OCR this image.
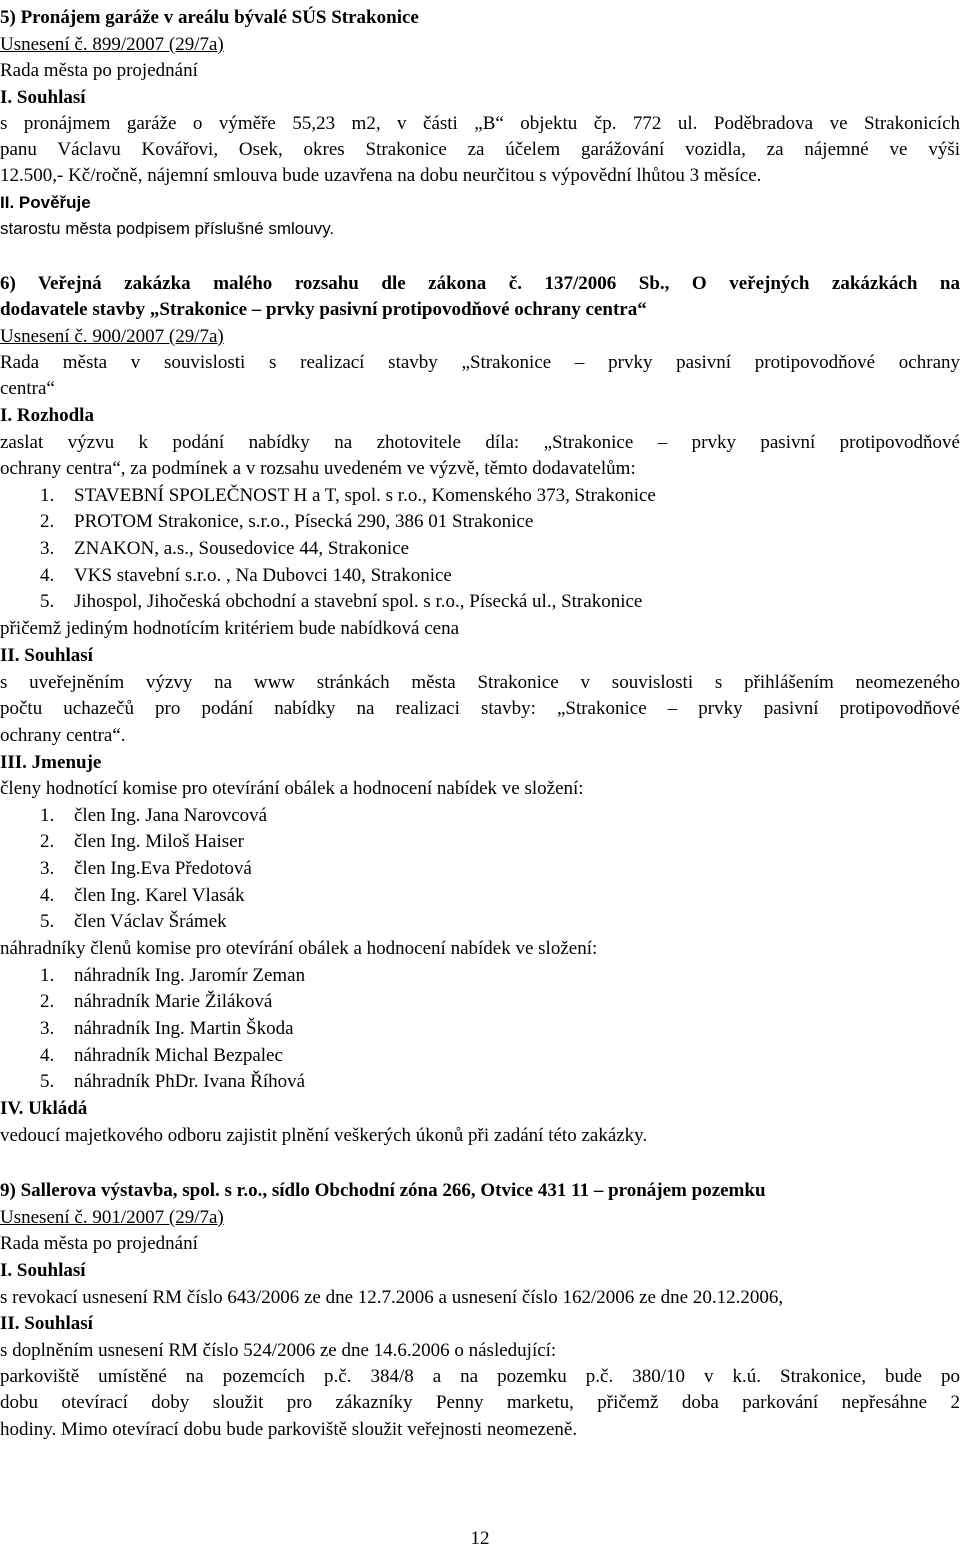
5) Pronájem garáže v areálu bývalé SÚS Strakonice
Usnesení č. 899/2007 (29/7a)
Rada města po projednání
I. Souhlasí
s pronájmem garáže o výměře 55,23 m2, v části „B“ objektu čp. 772 ul. Poděbradova ve Strakonicích
panu Václavu Kovářovi, Osek, okres Strakonice za účelem garážování vozidla, za nájemné ve výši
12.500,- Kč/ročně, nájemní smlouva bude uzavřena na dobu neurčitou s výpovědní lhůtou 3 měsíce.
II. Pověřuje
starostu města podpisem příslušné smlouvy.
6) Veřejná zakázka malého rozsahu dle zákona č. 137/2006 Sb., O veřejných zakázkách na
dodavatele stavby „Strakonice – prvky pasivní protipovodňové ochrany centra“
Usnesení č. 900/2007 (29/7a)
Rada města v souvislosti s realizací stavby „Strakonice – prvky pasivní protipovodňové ochrany
centra“
I. Rozhodla
zaslat výzvu k podání nabídky na zhotovitele díla: „Strakonice – prvky pasivní protipovodňové
ochrany centra“, za podmínek a v rozsahu uvedeném ve výzvě, těmto dodavatelům:
1. STAVEBNÍ SPOLEČNOST H a T, spol. s r.o., Komenského 373, Strakonice
2. PROTOM Strakonice, s.r.o., Písecká 290, 386 01 Strakonice
3. ZNAKON, a.s., Sousedovice 44, Strakonice
4. VKS stavební s.r.o. , Na Dubovci 140, Strakonice
5. Jihospol, Jihočeská obchodní a stavební spol. s r.o., Písecká ul., Strakonice
přičemž jediným hodnotícím kritériem bude nabídková cena
II. Souhlasí
s uveřejněním výzvy na www stránkách města Strakonice v souvislosti s přihlášením neomezeného
počtu uchazečů pro podání nabídky na realizaci stavby: „Strakonice – prvky pasivní protipovodňové
ochrany centra“.
III. Jmenuje
členy hodnotící komise pro otevírání obálek a hodnocení nabídek ve složení:
1. člen Ing. Jana Narovcová
2. člen Ing. Miloš Haiser
3. člen Ing.Eva Předotová
4. člen Ing. Karel Vlasák
5. člen Václav Šrámek
náhradníky členů komise pro otevírání obálek a hodnocení nabídek ve složení:
1. náhradník Ing. Jaromír Zeman
2. náhradník Marie Žiláková
3. náhradník Ing. Martin Škoda
4. náhradník Michal Bezpalec
5. náhradník PhDr. Ivana Říhová
IV. Ukládá
vedoucí majetkového odboru zajistit plnění veškerých úkonů při zadání této zakázky.
9) Sallerova výstavba, spol. s r.o., sídlo Obchodní zóna 266, Otvice 431 11 – pronájem pozemku
Usnesení č. 901/2007 (29/7a)
Rada města po projednání
I. Souhlasí
s revokací usnesení RM číslo 643/2006 ze dne 12.7.2006 a usnesení číslo 162/2006 ze dne 20.12.2006,
II. Souhlasí
s doplněním usnesení RM číslo 524/2006 ze dne 14.6.2006 o následující:
parkoviště umístěné na pozemcích p.č. 384/8 a na pozemku p.č. 380/10 v k.ú. Strakonice, bude po
dobu otevírací doby sloužit pro zákazníky Penny marketu, přičemž doba parkování nepřesáhne 2
hodiny. Mimo otevírací dobu bude parkoviště sloužit veřejnosti neomezeně.
12
